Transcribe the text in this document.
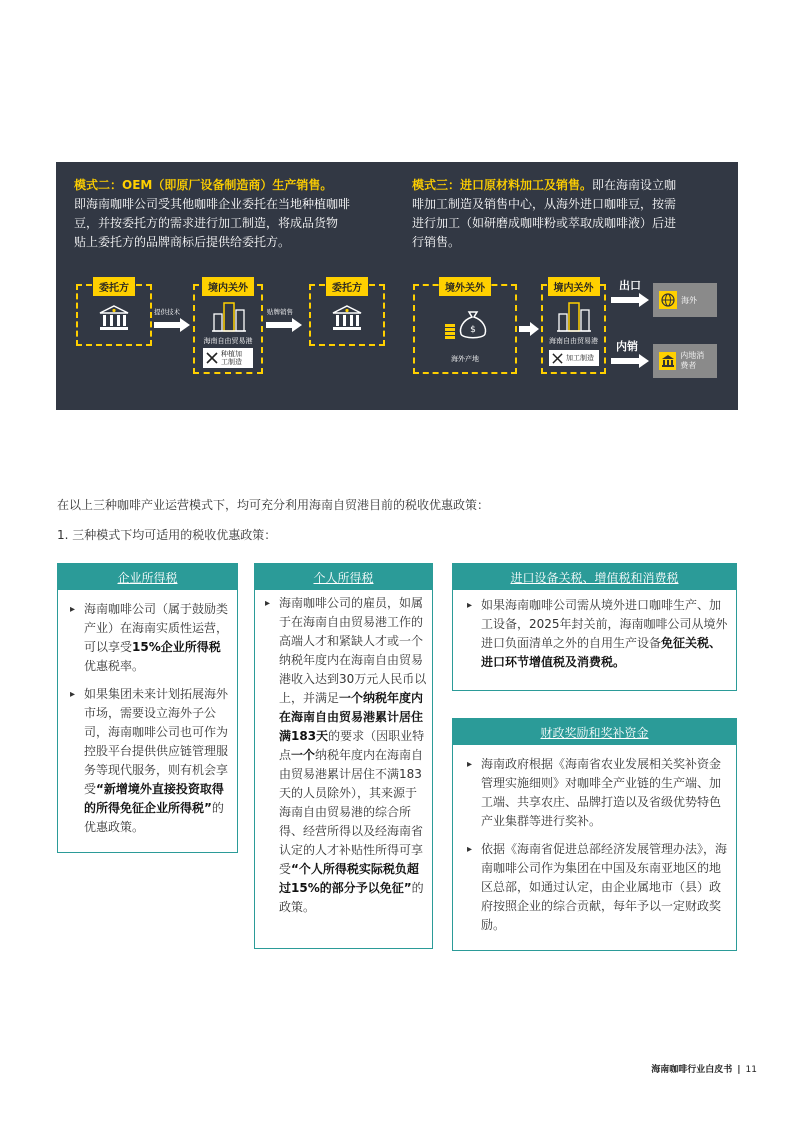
模式二：OEM（即原厂设备制造商）生产销售。
即海南咖啡公司受其他咖啡企业委托在当地种植咖啡
豆，并按委托方的需求进行加工制造，将成品货物
贴上委托方的品牌商标后提供给委托方。
模式三：进口原材料加工及销售。即在海南设立咖
啡加工制造及销售中心，从海外进口咖啡豆，按需
进行加工（如研磨成咖啡粉或萃取成咖啡液）后进
行销售。
委托方
提供技术
境内关外
海南自由贸易港
种植加工制造
贴牌销售
委托方	境外关外
$
海外产地
境内关外
海南自由贸易港
加工制造
出口
海外
内销
内地消费者
在以上三种咖啡产业运营模式下，均可充分利用海南自贸港目前的税收优惠政策：
1. 三种模式下均可适用的税收优惠政策：
企业所得税
▸ 海南咖啡公司（属于鼓励类产业）在海南实质性运营，可以享受15%企业所得税优惠税率。
▸ 如果集团未来计划拓展海外市场，需要设立海外子公司，海南咖啡公司也可作为控股平台提供供应链管理服务等现代服务，则有机会享受“新增境外直接投资取得的所得免征企业所得税”的优惠政策。
个人所得税
▸ 海南咖啡公司的雇员，如属于在海南自由贸易港工作的高端人才和紧缺人才或一个纳税年度内在海南自由贸易港收入达到30万元人民币以上，并满足一个纳税年度内在海南自由贸易港累计居住满183天的要求（因职业特点一个纳税年度内在海南自由贸易港累计居住不满183天的人员除外），其来源于海南自由贸易港的综合所得、经营所得以及经海南省认定的人才补贴性所得可享受“个人所得税实际税负超过15%的部分予以免征”的政策。
进口设备关税、增值税和消费税
▸ 如果海南咖啡公司需从境外进口咖啡生产、加工设备，2025年封关前，海南咖啡公司从境外进口负面清单之外的自用生产设备免征关税、进口环节增值税及消费税。
财政奖励和奖补资金
▸ 海南政府根据《海南省农业发展相关奖补资金管理实施细则》对咖啡全产业链的生产端、加工端、共享农庄、品牌打造以及省级优势特色产业集群等进行奖补。
▸ 依据《海南省促进总部经济发展管理办法》，海南咖啡公司作为集团在中国及东南亚地区的地区总部，如通过认定，由企业属地市（县）政府按照企业的综合贡献，每年予以一定财政奖励。
海南咖啡行业白皮书 | 11
